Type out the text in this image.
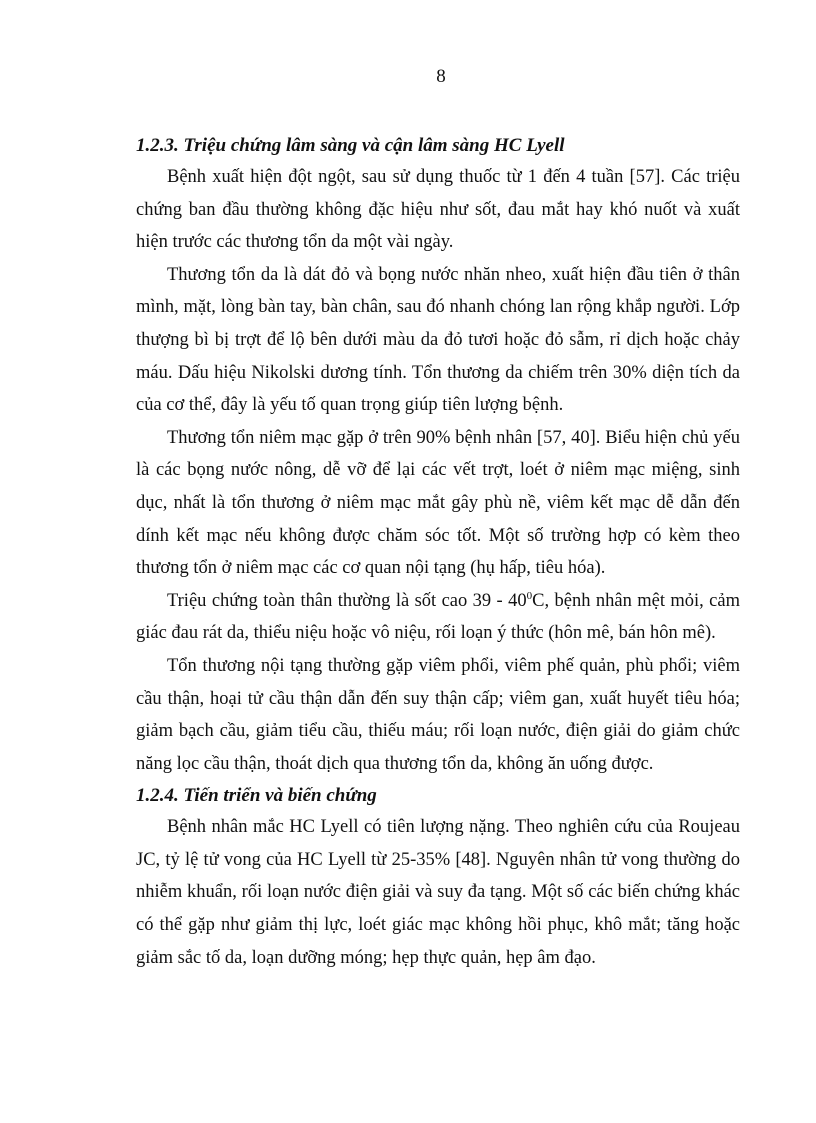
8
1.2.3. Triệu chứng lâm sàng và cận lâm sàng HC Lyell

Bệnh xuất hiện đột ngột, sau sử dụng thuốc từ 1 đến 4 tuần [57]. Các triệu chứng ban đầu thường không đặc hiệu như sốt, đau mắt hay khó nuốt và xuất hiện trước các thương tổn da một vài ngày.

Thương tổn da là dát đỏ và bọng nước nhăn nheo, xuất hiện đầu tiên ở thân mình, mặt, lòng bàn tay, bàn chân, sau đó nhanh chóng lan rộng khắp người. Lớp thượng bì bị trợt để lộ bên dưới màu da đỏ tươi hoặc đỏ sẫm, rỉ dịch hoặc chảy máu. Dấu hiệu Nikolski dương tính. Tổn thương da chiếm trên 30% diện tích da của cơ thể, đây là yếu tố quan trọng giúp tiên lượng bệnh.

Thương tổn niêm mạc gặp ở trên 90% bệnh nhân [57, 40]. Biểu hiện chủ yếu là các bọng nước nông, dễ vỡ để lại các vết trợt, loét ở niêm mạc miệng, sinh dục, nhất là tổn thương ở niêm mạc mắt gây phù nề, viêm kết mạc dễ dẫn đến dính kết mạc nếu không được chăm sóc tốt. Một số trường hợp có kèm theo thương tổn ở niêm mạc các cơ quan nội tạng (hụ hấp, tiêu hóa).

Triệu chứng toàn thân thường là sốt cao $39 - 40^0C$, bệnh nhân mệt mỏi, cảm giác đau rát da, thiểu niệu hoặc vô niệu, rối loạn ý thức (hôn mê, bán hôn mê).

Tổn thương nội tạng thường gặp viêm phổi, viêm phế quản, phù phổi; viêm cầu thận, hoại tử cầu thận dẫn đến suy thận cấp; viêm gan, xuất huyết tiêu hóa; giảm bạch cầu, giảm tiểu cầu, thiếu máu; rối loạn nước, điện giải do giảm chức năng lọc cầu thận, thoát dịch qua thương tổn da, không ăn uống được.

1.2.4. Tiến triển và biến chứng

Bệnh nhân mắc HC Lyell có tiên lượng nặng. Theo nghiên cứu của Roujeau JC, tỷ lệ tử vong của HC Lyell từ 25-35% [48]. Nguyên nhân tử vong thường do nhiễm khuẩn, rối loạn nước điện giải và suy đa tạng. Một số các biến chứng khác có thể gặp như giảm thị lực, loét giác mạc không hồi phục, khô mắt; tăng hoặc giảm sắc tố da, loạn dưỡng móng; hẹp thực quản, hẹp âm đạo.
